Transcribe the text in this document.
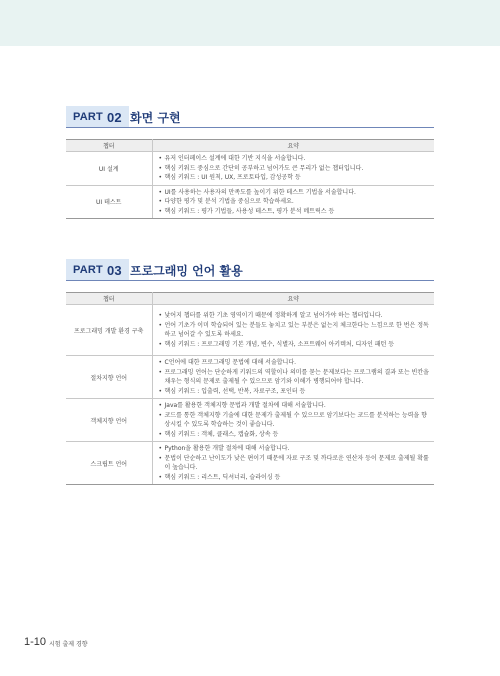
PART 02 화면 구현
챕터	요약
UI 설계	• 유저 인터페이스 설계에 대한 기반 지식을 서술합니다.
• 핵심 키워드 중심으로 간단히 공부하고 넘어가도 큰 무리가 없는 챕터입니다.
• 핵심 키워드 : UI 원칙, UX, 프로토타입, 감성공학 등

UI 테스트	• UI를 사용하는 사용자의 만족도를 높이기 위한 테스트 기법을 서술합니다.
• 다양한 평가 및 분석 기법을 중심으로 학습하세요.
• 핵심 키워드 : 평가 기법들, 사용성 테스트, 평가 분석 메트릭스 등
PART 03 프로그래밍 언어 활용
챕터	요약
프로그래밍 개발 환경 구축	• 낯어지 챕터를 위한 기초 영역이기 때문에 정확하게 알고 넘어가야 하는 챕터입니다.
• 언어 기초가 이미 학습되어 있는 분들도 놓치고 있는 부분은 없는지 체크한다는 느낌으로 한 번은 정독하고 넘어갈 수 있도록 하세요.
• 핵심 키워드 : 프로그래밍 기본 개념, 변수, 식별자, 소프트웨어 아키텍처, 디자인 패턴 등

절차지향 언어	• C언어에 대한 프로그래밍 문법에 대해 서술합니다.
• 프로그래밍 언어는 단순하게 키워드의 역할이나 의미를 묻는 문제보다는 프로그램의 결과 또는 빈칸을 채우는 형식의 문제로 출제될 수 있으므로 암기와 이해가 병행되어야 합니다.
• 핵심 키워드 : 입출력, 선택, 반복, 자료구조, 포인터 등

객체지향 언어	• Java를 활용한 객체지향 문법과 개발 절차에 대해 서술합니다.
• 코드를 통한 객체지향 기술에 대한 문제가 출제될 수 있으므로 암기보다는 코드를 분석하는 능력을 향상시킬 수 있도록 학습하는 것이 좋습니다.
• 핵심 키워드 : 객체, 클래스, 캡슐화, 상속 등

스크립트 언어	• Python을 활용한 개발 절차에 대해 서술합니다.
• 문법이 단순하고 난이도가 낮은 편이기 때문에 자료 구조 및 까다로운 연산자 등이 문제로 출제될 확률이 높습니다.
• 핵심 키워드 : 리스트, 딕셔너리, 슬라이싱 등
1-10 시험 출제 경향
